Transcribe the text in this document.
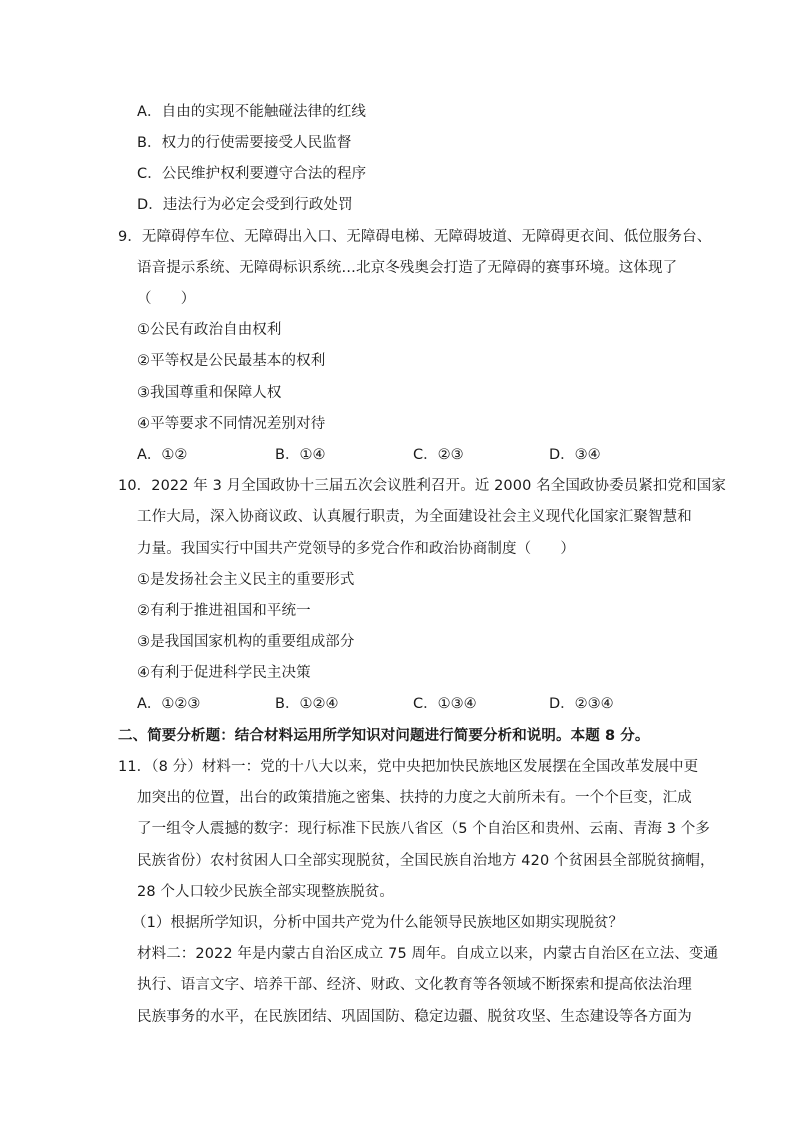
A．自由的实现不能触碰法律的红线
B．权力的行使需要接受人民监督
C．公民维护权利要遵守合法的程序
D．违法行为必定会受到行政处罚
9．无障碍停车位、无障碍出入口、无障碍电梯、无障碍坡道、无障碍更衣间、低位服务台、
语音提示系统、无障碍标识系统…北京冬残奥会打造了无障碍的赛事环境。这体现了
（　　）
①公民有政治自由权利
②平等权是公民最基本的权利
③我国尊重和保障人权
④平等要求不同情况差别对待
A．①②	B．①④	C．②③	D．③④
10．2022 年 3 月全国政协十三届五次会议胜利召开。近 2000 名全国政协委员紧扣党和国家
工作大局，深入协商议政、认真履行职责，为全面建设社会主义现代化国家汇聚智慧和
力量。我国实行中国共产党领导的多党合作和政治协商制度（　　）
①是发扬社会主义民主的重要形式
②有利于推进祖国和平统一
③是我国国家机构的重要组成部分
④有利于促进科学民主决策
A．①②③	B．①②④	C．①③④	D．②③④
二、简要分析题：结合材料运用所学知识对问题进行简要分析和说明。本题 8 分。
11．（8 分）材料一：党的十八大以来，党中央把加快民族地区发展摆在全国改革发展中更
加突出的位置，出台的政策措施之密集、扶持的力度之大前所未有。一个个巨变，汇成
了一组令人震撼的数字：现行标准下民族八省区（5 个自治区和贵州、云南、青海 3 个多
民族省份）农村贫困人口全部实现脱贫，全国民族自治地方 420 个贫困县全部脱贫摘帽，
28 个人口较少民族全部实现整族脱贫。
（1）根据所学知识，分析中国共产党为什么能领导民族地区如期实现脱贫？
材料二：2022 年是内蒙古自治区成立 75 周年。自成立以来，内蒙古自治区在立法、变通
执行、语言文字、培养干部、经济、财政、文化教育等各领域不断探索和提高依法治理
民族事务的水平，在民族团结、巩固国防、稳定边疆、脱贫攻坚、生态建设等各方面为
